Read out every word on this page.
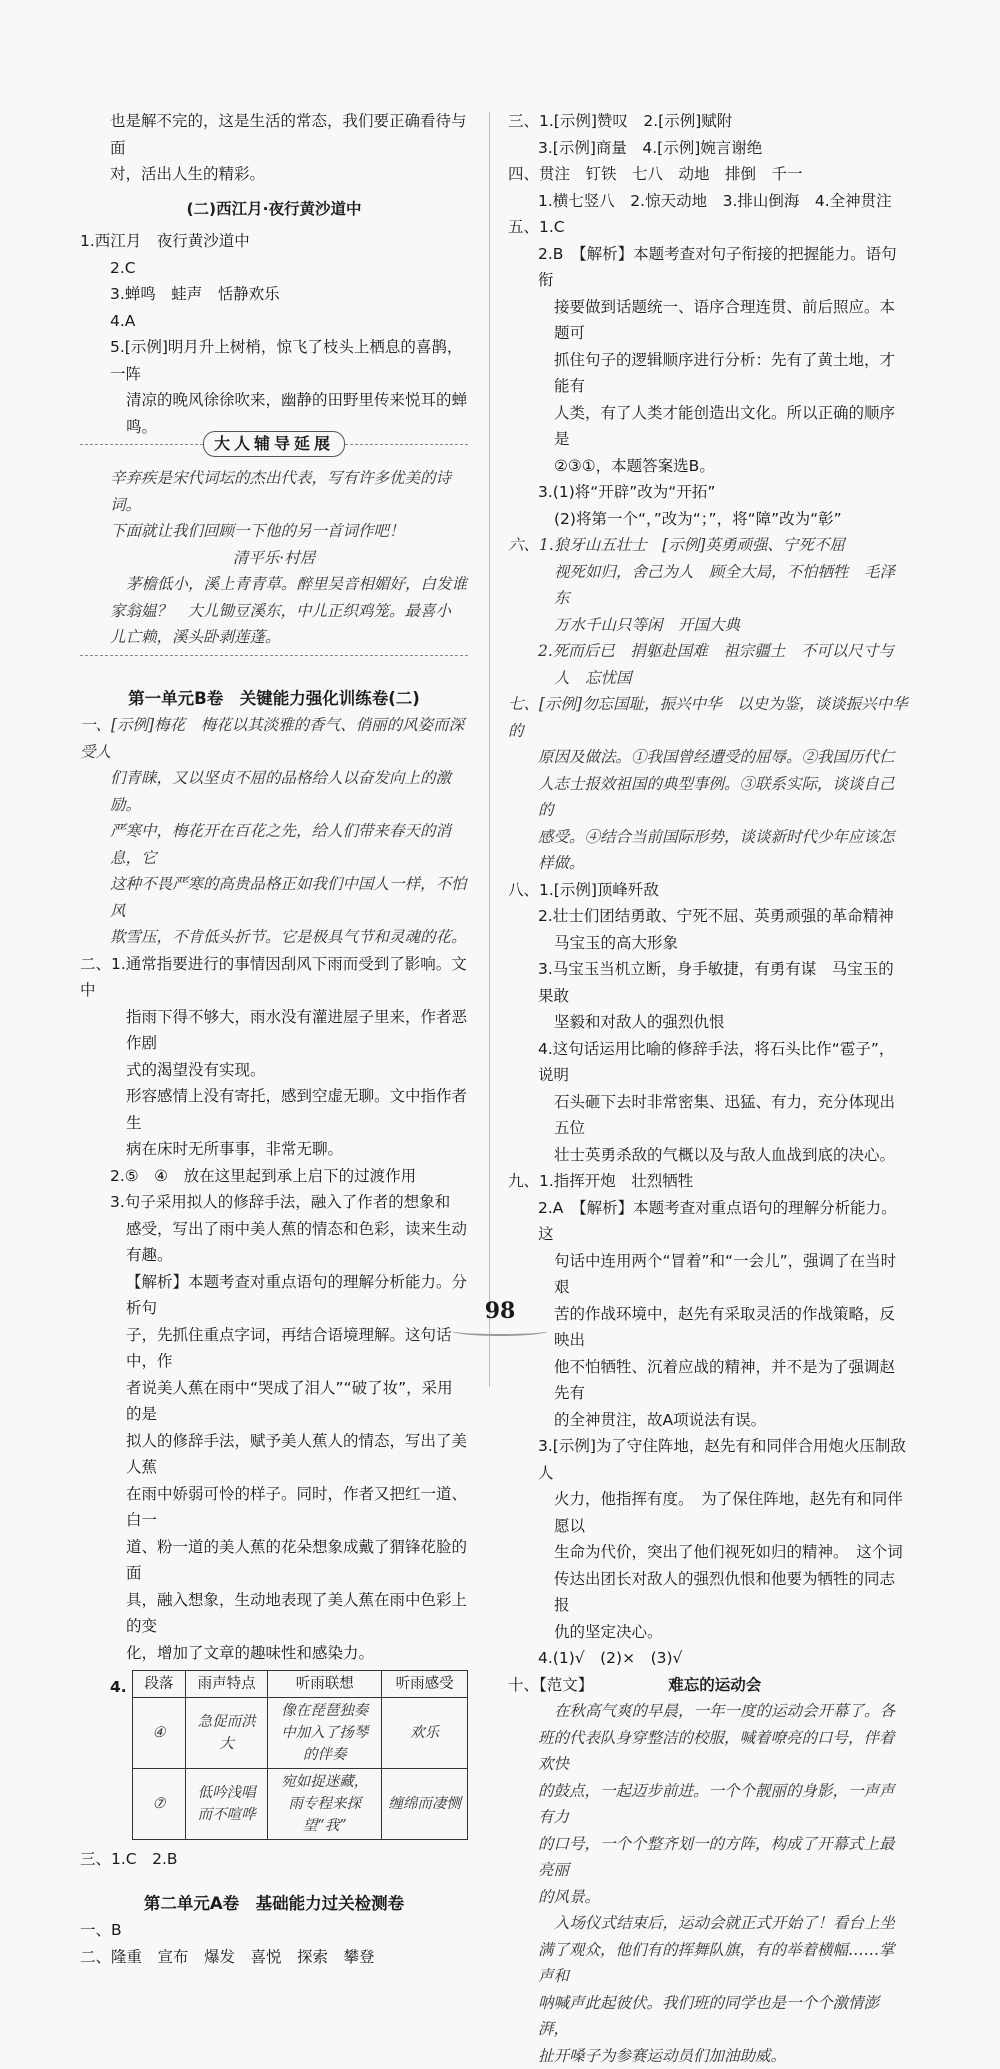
也是解不完的，这是生活的常态，我们要正确看待与面

对，活出人生的精彩。

(二)西江月·夜行黄沙道中

1.西江月　夜行黄沙道中

2.C

3.蝉鸣　蛙声　恬静欢乐

4.A

5.[示例]明月升上树梢，惊飞了枝头上栖息的喜鹊，一阵

清凉的晚风徐徐吹来，幽静的田野里传来悦耳的蝉鸣。

大人辅导延展

辛弃疾是宋代词坛的杰出代表，写有许多优美的诗词。

下面就让我们回顾一下他的另一首词作吧！

清平乐·村居

茅檐低小，溪上青青草。醉里吴音相媚好，白发谁

家翁媪？　大儿锄豆溪东，中儿正织鸡笼。最喜小

儿亡赖，溪头卧剥莲蓬。

第一单元B卷　关键能力强化训练卷(二)

一、[示例]梅花　梅花以其淡雅的香气、俏丽的风姿而深受人

们青睐，又以坚贞不屈的品格给人以奋发向上的激励。

严寒中，梅花开在百花之先，给人们带来春天的消息，它

这种不畏严寒的高贵品格正如我们中国人一样，不怕风

欺雪压，不肯低头折节。它是极具气节和灵魂的花。

二、1.通常指要进行的事情因刮风下雨而受到了影响。文中

指雨下得不够大，雨水没有灌进屋子里来，作者恶作剧

式的渴望没有实现。

形容感情上没有寄托，感到空虚无聊。文中指作者生

病在床时无所事事，非常无聊。

2.⑤　④　放在这里起到承上启下的过渡作用

3.句子采用拟人的修辞手法，融入了作者的想象和

感受，写出了雨中美人蕉的情态和色彩，读来生动有趣。

【解析】本题考查对重点语句的理解分析能力。分析句

子，先抓住重点字词，再结合语境理解。这句话中，作

者说美人蕉在雨中“哭成了泪人”“破了妆”，采用的是

拟人的修辞手法，赋予美人蕉人的情态，写出了美人蕉

在雨中娇弱可怜的样子。同时，作者又把红一道、白一

道、粉一道的美人蕉的花朵想象成戴了猬锋花脸的面

具，融入想象，生动地表现了美人蕉在雨中色彩上的变

化，增加了文章的趣味性和感染力。

4. 段落	雨声特点	听雨联想	听雨感受
④	急促而洪大	像在琵琶独奏中加入了扬琴的伴奏	欢乐
⑦	低吟浅唱而不喧哗	宛如捉迷藏，雨专程来探望“我”	缠绵而凄恻

三、1.C　2.B

第二单元A卷　基础能力过关检测卷

一、B

二、隆重　宣布　爆发　喜悦　探索　攀登

三、1.[示例]赞叹　2.[示例]赋附

3.[示例]商量　4.[示例]婉言谢绝

四、贯注　钉铁　七八　动地　排倒　千一

1.横七竖八　2.惊天动地　3.排山倒海　4.全神贯注

五、1.C

2.B　【解析】本题考查对句子衔接的把握能力。语句衔

接要做到话题统一、语序合理连贯、前后照应。本题可

抓住句子的逻辑顺序进行分析：先有了黄土地，才能有

人类，有了人类才能创造出文化。所以正确的顺序是

②③①，本题答案选B。

3.(1)将“开辟”改为“开拓”

(2)将第一个“，”改为“；”，将“障”改为“彰”

六、1.狼牙山五壮士　[示例]英勇顽强、宁死不屈

视死如归，舍己为人　顾全大局，不怕牺牲　毛泽东

万水千山只等闲　开国大典

2.死而后已　捐躯赴国难　祖宗疆土　不可以尺寸与

人　忘忧国

七、[示例]勿忘国耻，振兴中华　以史为鉴，谈谈振兴中华的

原因及做法。①我国曾经遭受的屈辱。②我国历代仁

人志士报效祖国的典型事例。③联系实际，谈谈自己的

感受。④结合当前国际形势，谈谈新时代少年应该怎样做。

八、1.[示例]顶峰歼敌

2.壮士们团结勇敢、宁死不屈、英勇顽强的革命精神

马宝玉的高大形象

3.马宝玉当机立断，身手敏捷，有勇有谋　马宝玉的果敢

坚毅和对敌人的强烈仇恨

4.这句话运用比喻的修辞手法，将石头比作“雹子”，说明

石头砸下去时非常密集、迅猛、有力，充分体现出五位

壮士英勇杀敌的气概以及与敌人血战到底的决心。

九、1.指挥开炮　壮烈牺牲

2.A　【解析】本题考查对重点语句的理解分析能力。这

句话中连用两个“冒着”和“一会儿”，强调了在当时艰

苦的作战环境中，赵先有采取灵活的作战策略，反映出

他不怕牺牲、沉着应战的精神，并不是为了强调赵先有

的全神贯注，故A项说法有误。

3.[示例]为了守住阵地，赵先有和同伴合用炮火压制敌人

火力，他指挥有度。　为了保住阵地，赵先有和同伴愿以

生命为代价，突出了他们视死如归的精神。　这个词

传达出团长对敌人的强烈仇恨和他要为牺牲的同志报

仇的坚定决心。

4.(1)√　(2)×　(3)√

十、【范文】	难忘的运动会

在秋高气爽的早晨，一年一度的运动会开幕了。各

班的代表队身穿整洁的校服，喊着嘹亮的口号，伴着欢快

的鼓点，一起迈步前进。一个个靓丽的身影，一声声有力

的口号，一个个整齐划一的方阵，构成了开幕式上最亮丽

的风景。

入场仪式结束后，运动会就正式开始了！看台上坐

满了观众，他们有的挥舞队旗，有的举着横幅……掌声和

呐喊声此起彼伏。我们班的同学也是一个个激情澎湃，

扯开嗓子为参赛运动员们加油助威。

98
